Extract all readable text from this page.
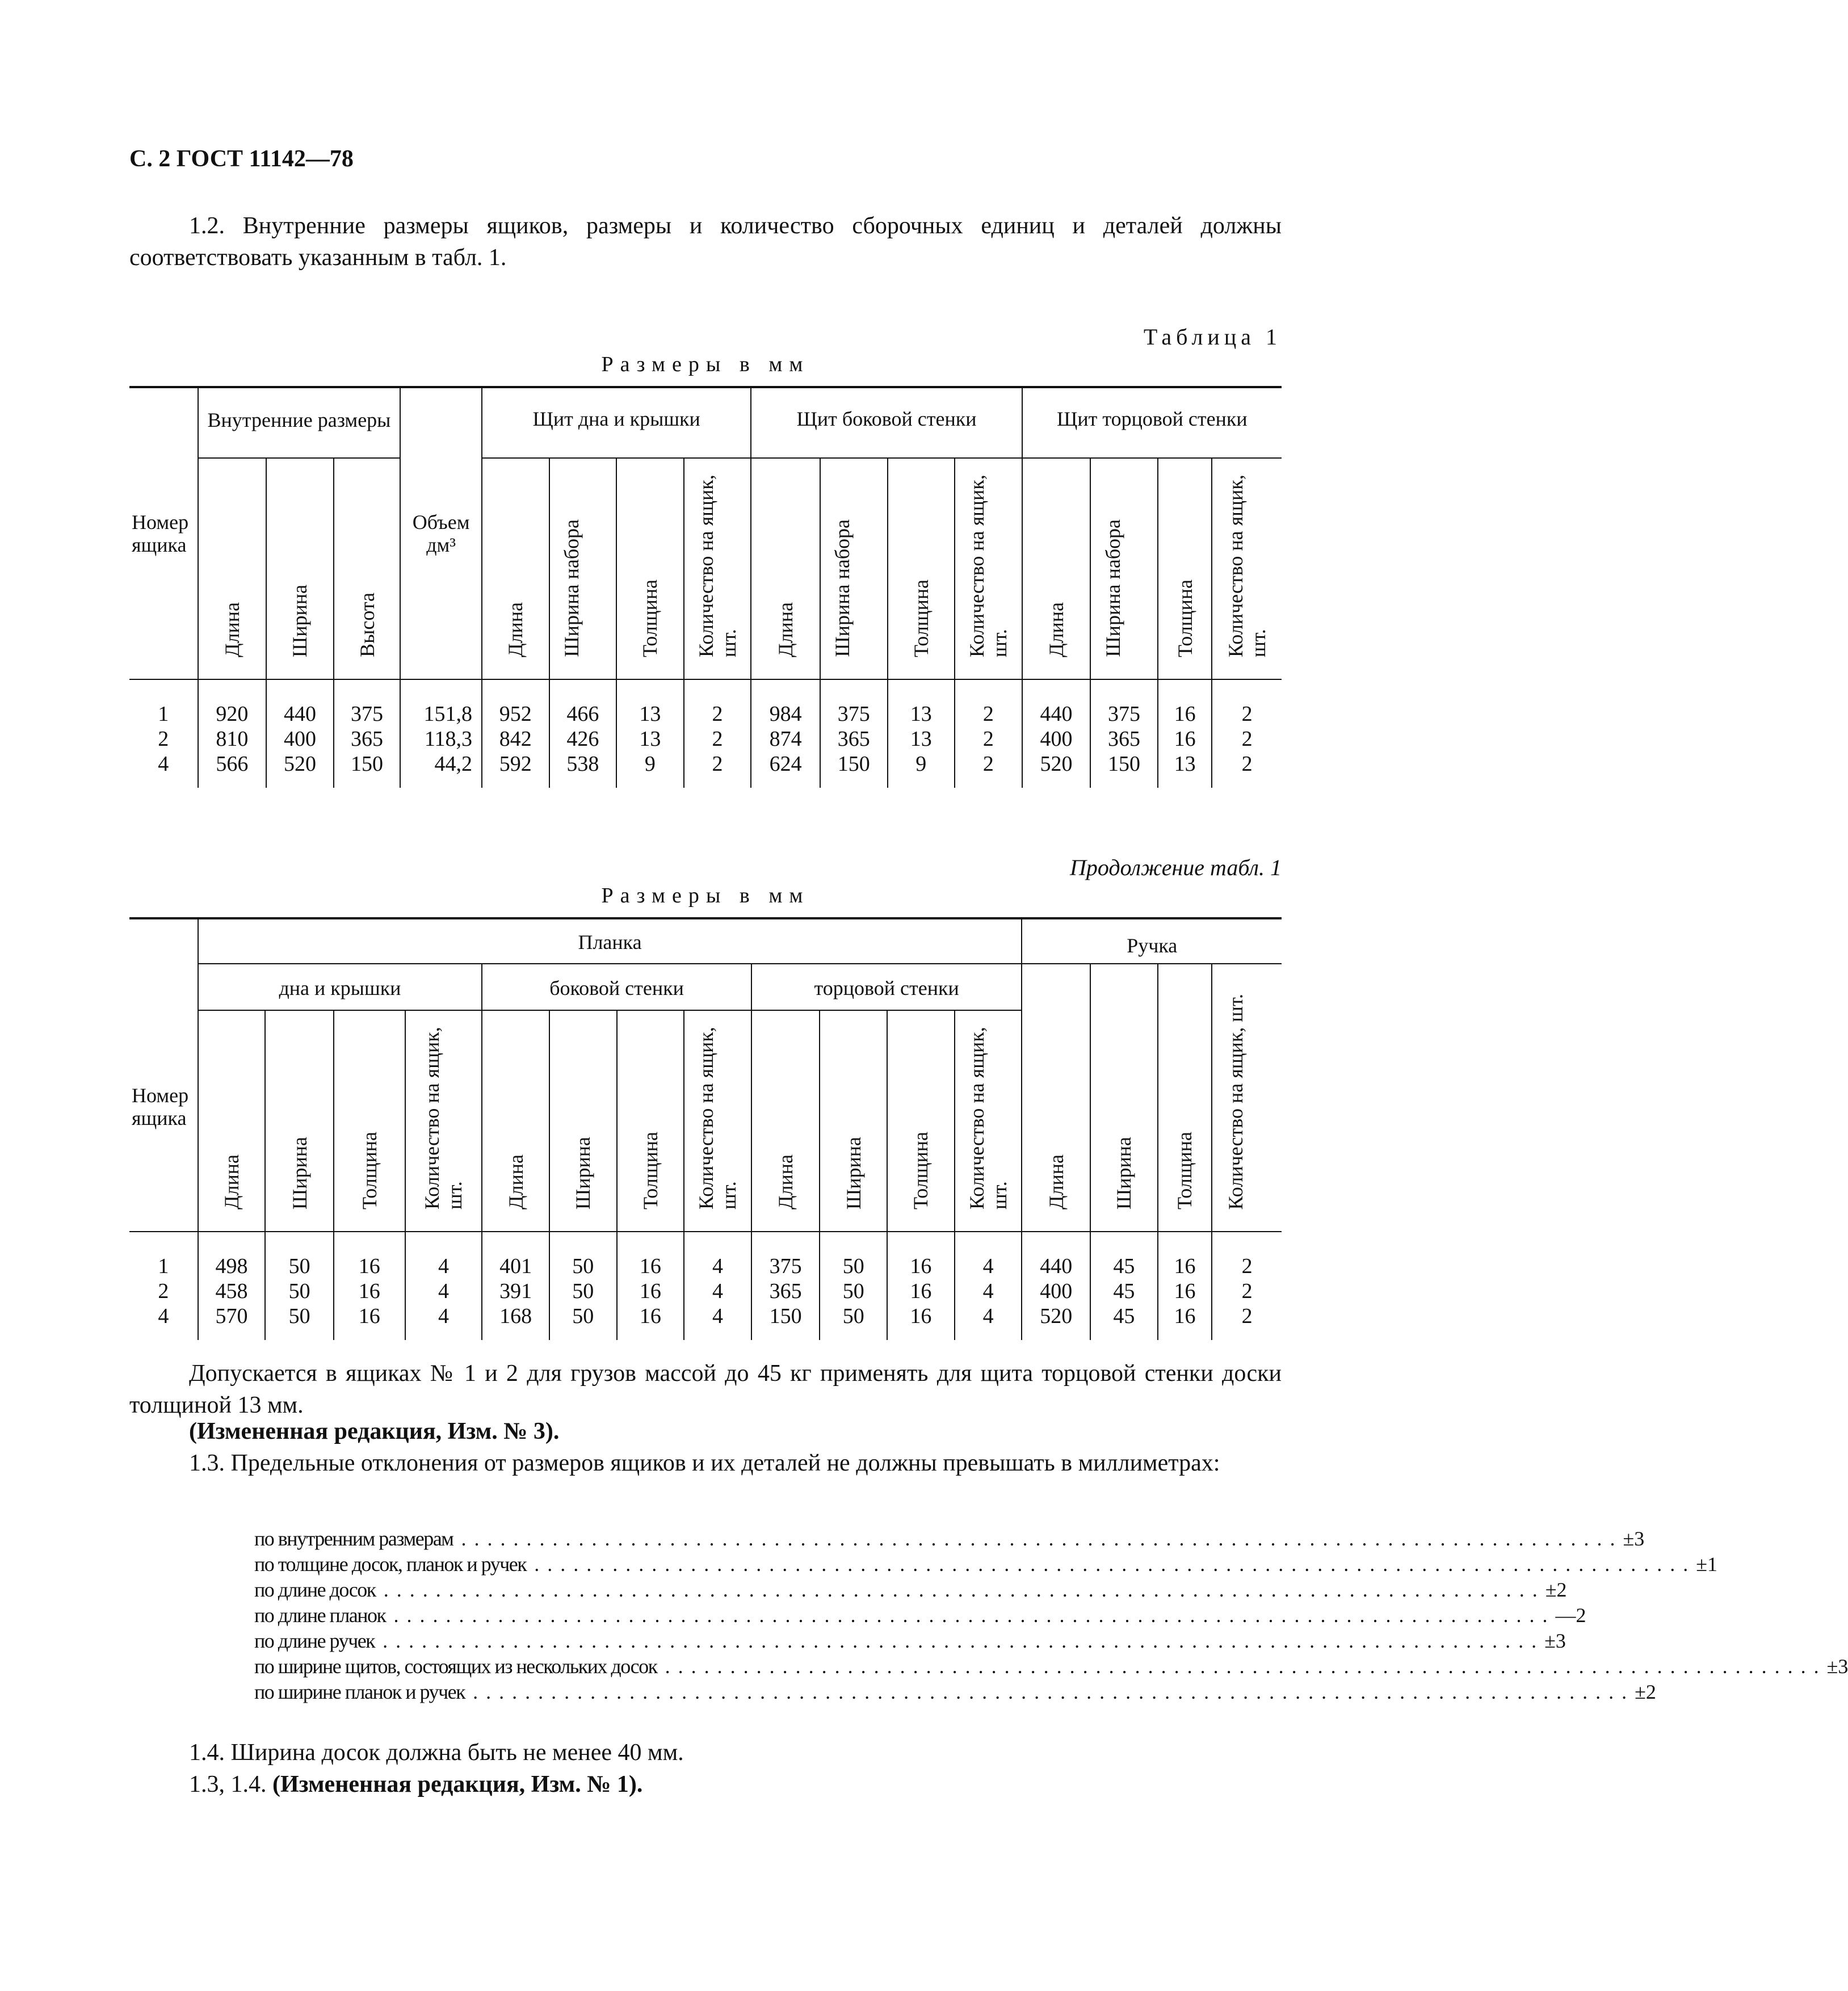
С. 2 ГОСТ 11142—78
1.2. Внутренние размеры ящиков, размеры и количество сборочных единиц и деталей должны соответствовать указанным в табл. 1.
Таблица 1
Размеры в мм
Номер ящика	Внутренние размеры			Объем дм³	Щит дна и крышки				Щит боковой стенки				Щит торцовой стенки			
	Длина	Ширина	Высота		Длина	Ширина набора	Толщина	Количество на ящик, шт.	Длина	Ширина набора	Толщина	Количество на ящик, шт.	Длина	Ширина набора	Толщина	Количество на ящик, шт.
1	920	440	375	151,8	952	466	13	2	984	375	13	2	440	375	16	2
2	810	400	365	118,3	842	426	13	2	874	365	13	2	400	365	16	2
4	566	520	150	44,2	592	538	9	2	624	150	9	2	520	150	13	2
Продолжение табл. 1
Размеры в мм
Номер ящика	Планка												Ручка			
	дна и крышки				боковой стенки				торцовой стенки				Длина	Ширина	Толщина	Количество на ящик, шт.
	Длина	Ширина	Толщина	Количество на ящик, шт.	Длина	Ширина	Толщина	Количество на ящик, шт.	Длина	Ширина	Толщина	Количество на ящик, шт.				
1	498	50	16	4	401	50	16	4	375	50	16	4	440	45	16	2
2	458	50	16	4	391	50	16	4	365	50	16	4	400	45	16	2
4	570	50	16	4	168	50	16	4	150	50	16	4	520	45	16	2
Допускается в ящиках № 1 и 2 для грузов массой до 45 кг применять для щита торцовой стенки доски толщиной 13 мм.
(Измененная редакция, Изм. № 3).
1.3. Предельные отклонения от размеров ящиков и их деталей не должны превышать в миллиметрах:
по внутренним размерам ......................................................................................... ±3
по толщине досок, планок и ручек ......................................................................................... ±1
по длине досок ......................................................................................... ±2
по длине планок ......................................................................................... —2
по длине ручек ......................................................................................... ±3
по ширине щитов, состоящих из нескольких досок ......................................................................................... ±3
по ширине планок и ручек ......................................................................................... ±2
1.4. Ширина досок должна быть не менее 40 мм.
1.3, 1.4. (Измененная редакция, Изм. № 1).
